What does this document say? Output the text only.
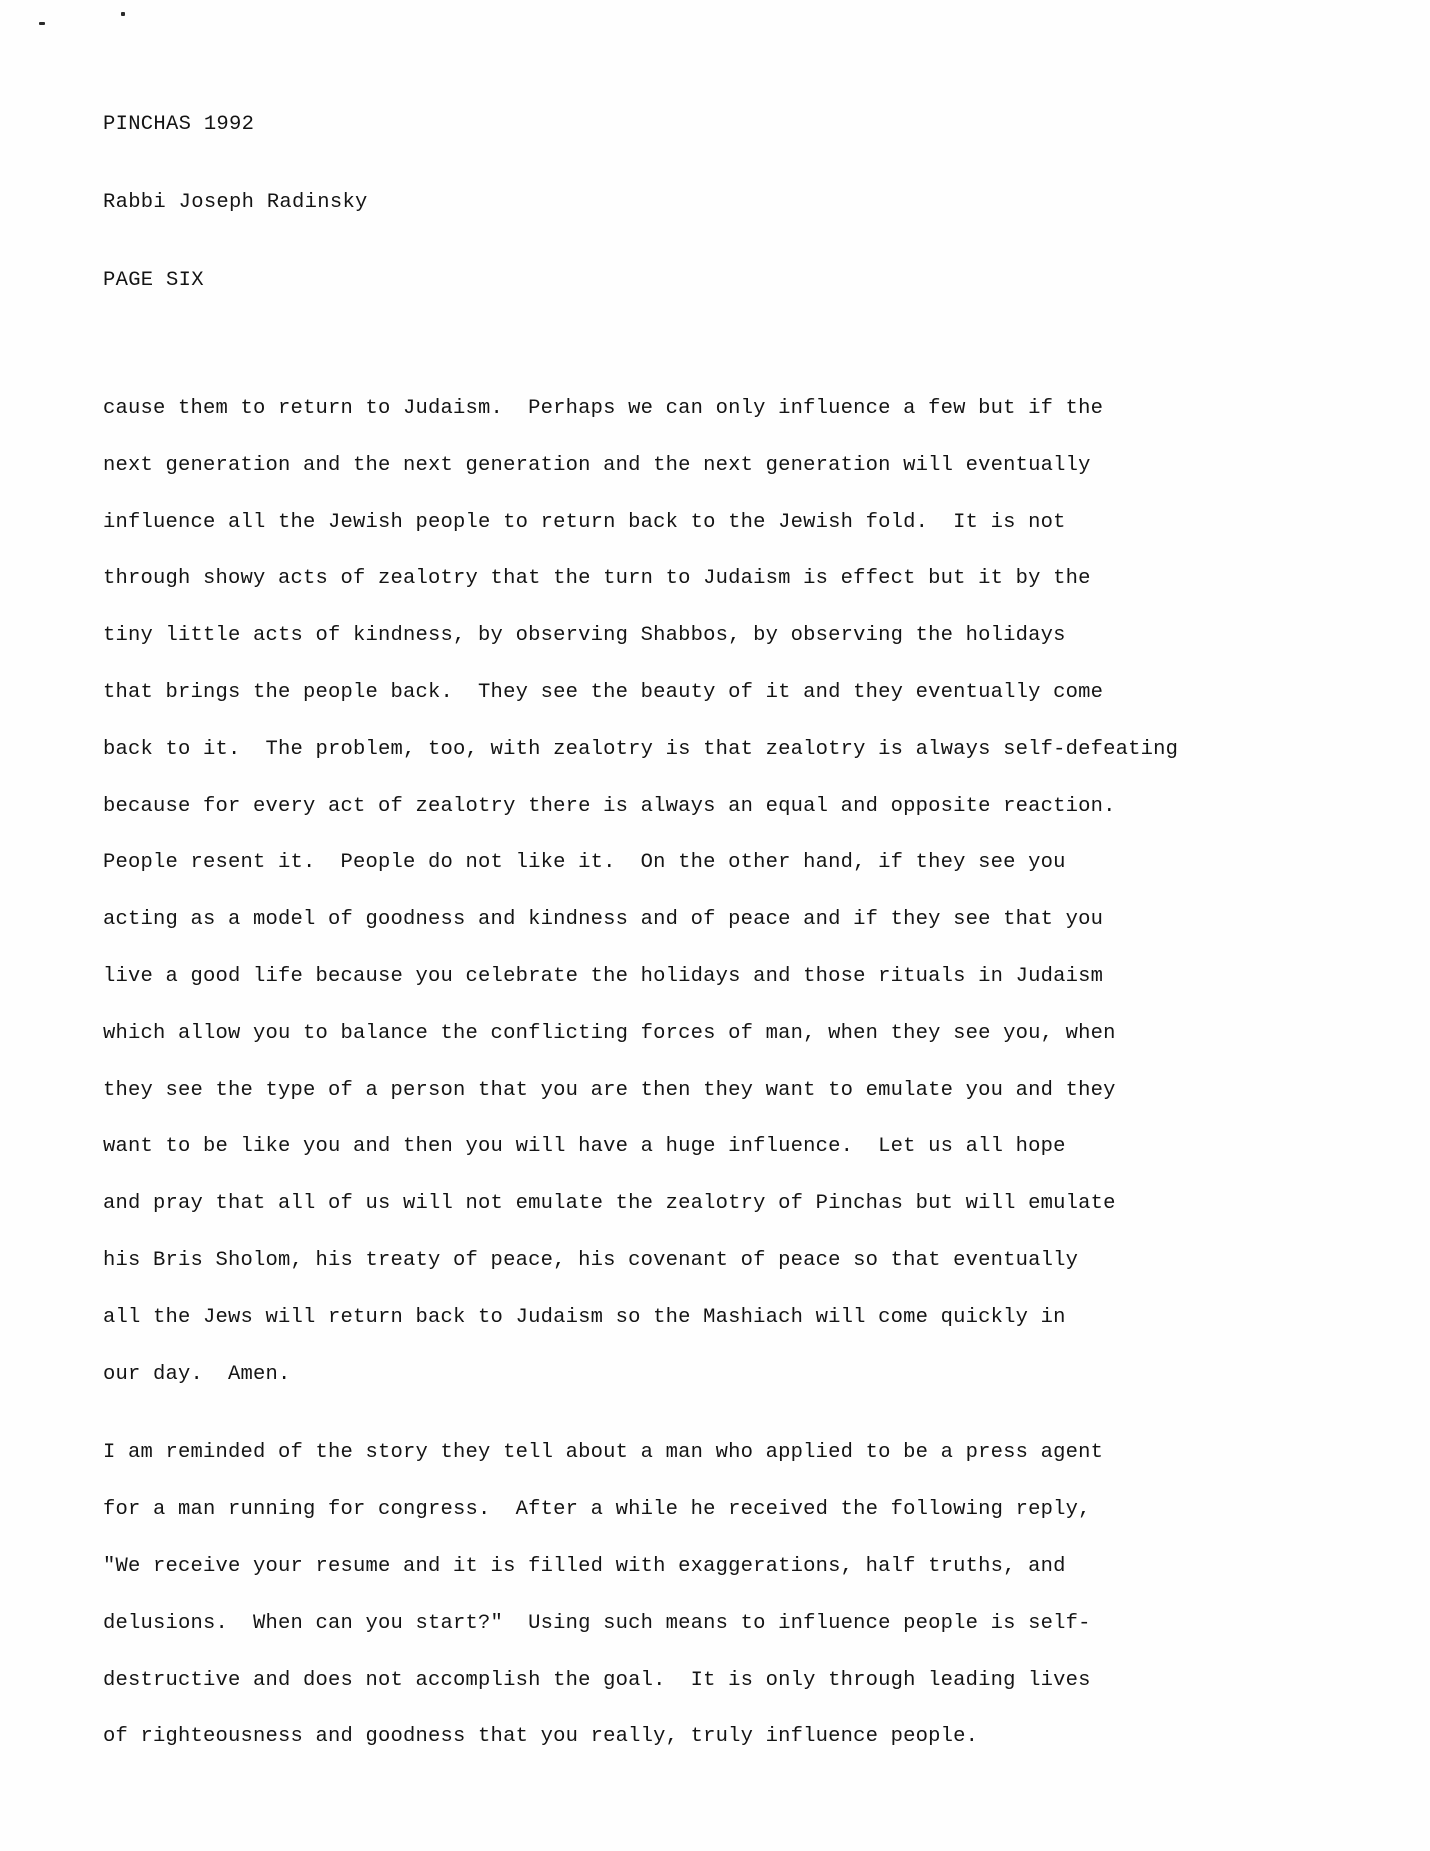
PINCHAS 1992

Rabbi Joseph Radinsky

PAGE SIX

cause them to return to Judaism.  Perhaps we can only influence a few but if the
next generation and the next generation and the next generation will eventually
influence all the Jewish people to return back to the Jewish fold.  It is not
through showy acts of zealotry that the turn to Judaism is effect but it by the
tiny little acts of kindness, by observing Shabbos, by observing the holidays
that brings the people back.  They see the beauty of it and they eventually come
back to it.  The problem, too, with zealotry is that zealotry is always self-defeating
because for every act of zealotry there is always an equal and opposite reaction.
People resent it.  People do not like it.  On the other hand, if they see you
acting as a model of goodness and kindness and of peace and if they see that you
live a good life because you celebrate the holidays and those rituals in Judaism
which allow you to balance the conflicting forces of man, when they see you, when
they see the type of a person that you are then they want to emulate you and they
want to be like you and then you will have a huge influence.  Let us all hope
and pray that all of us will not emulate the zealotry of Pinchas but will emulate
his Bris Sholom, his treaty of peace, his covenant of peace so that eventually
all the Jews will return back to Judaism so the Mashiach will come quickly in
our day.  Amen.
I am reminded of the story they tell about a man who applied to be a press agent
for a man running for congress.  After a while he received the following reply,
"We receive your resume and it is filled with exaggerations, half truths, and
delusions.  When can you start?"  Using such means to influence people is self-
destructive and does not accomplish the goal.  It is only through leading lives
of righteousness and goodness that you really, truly influence people.
